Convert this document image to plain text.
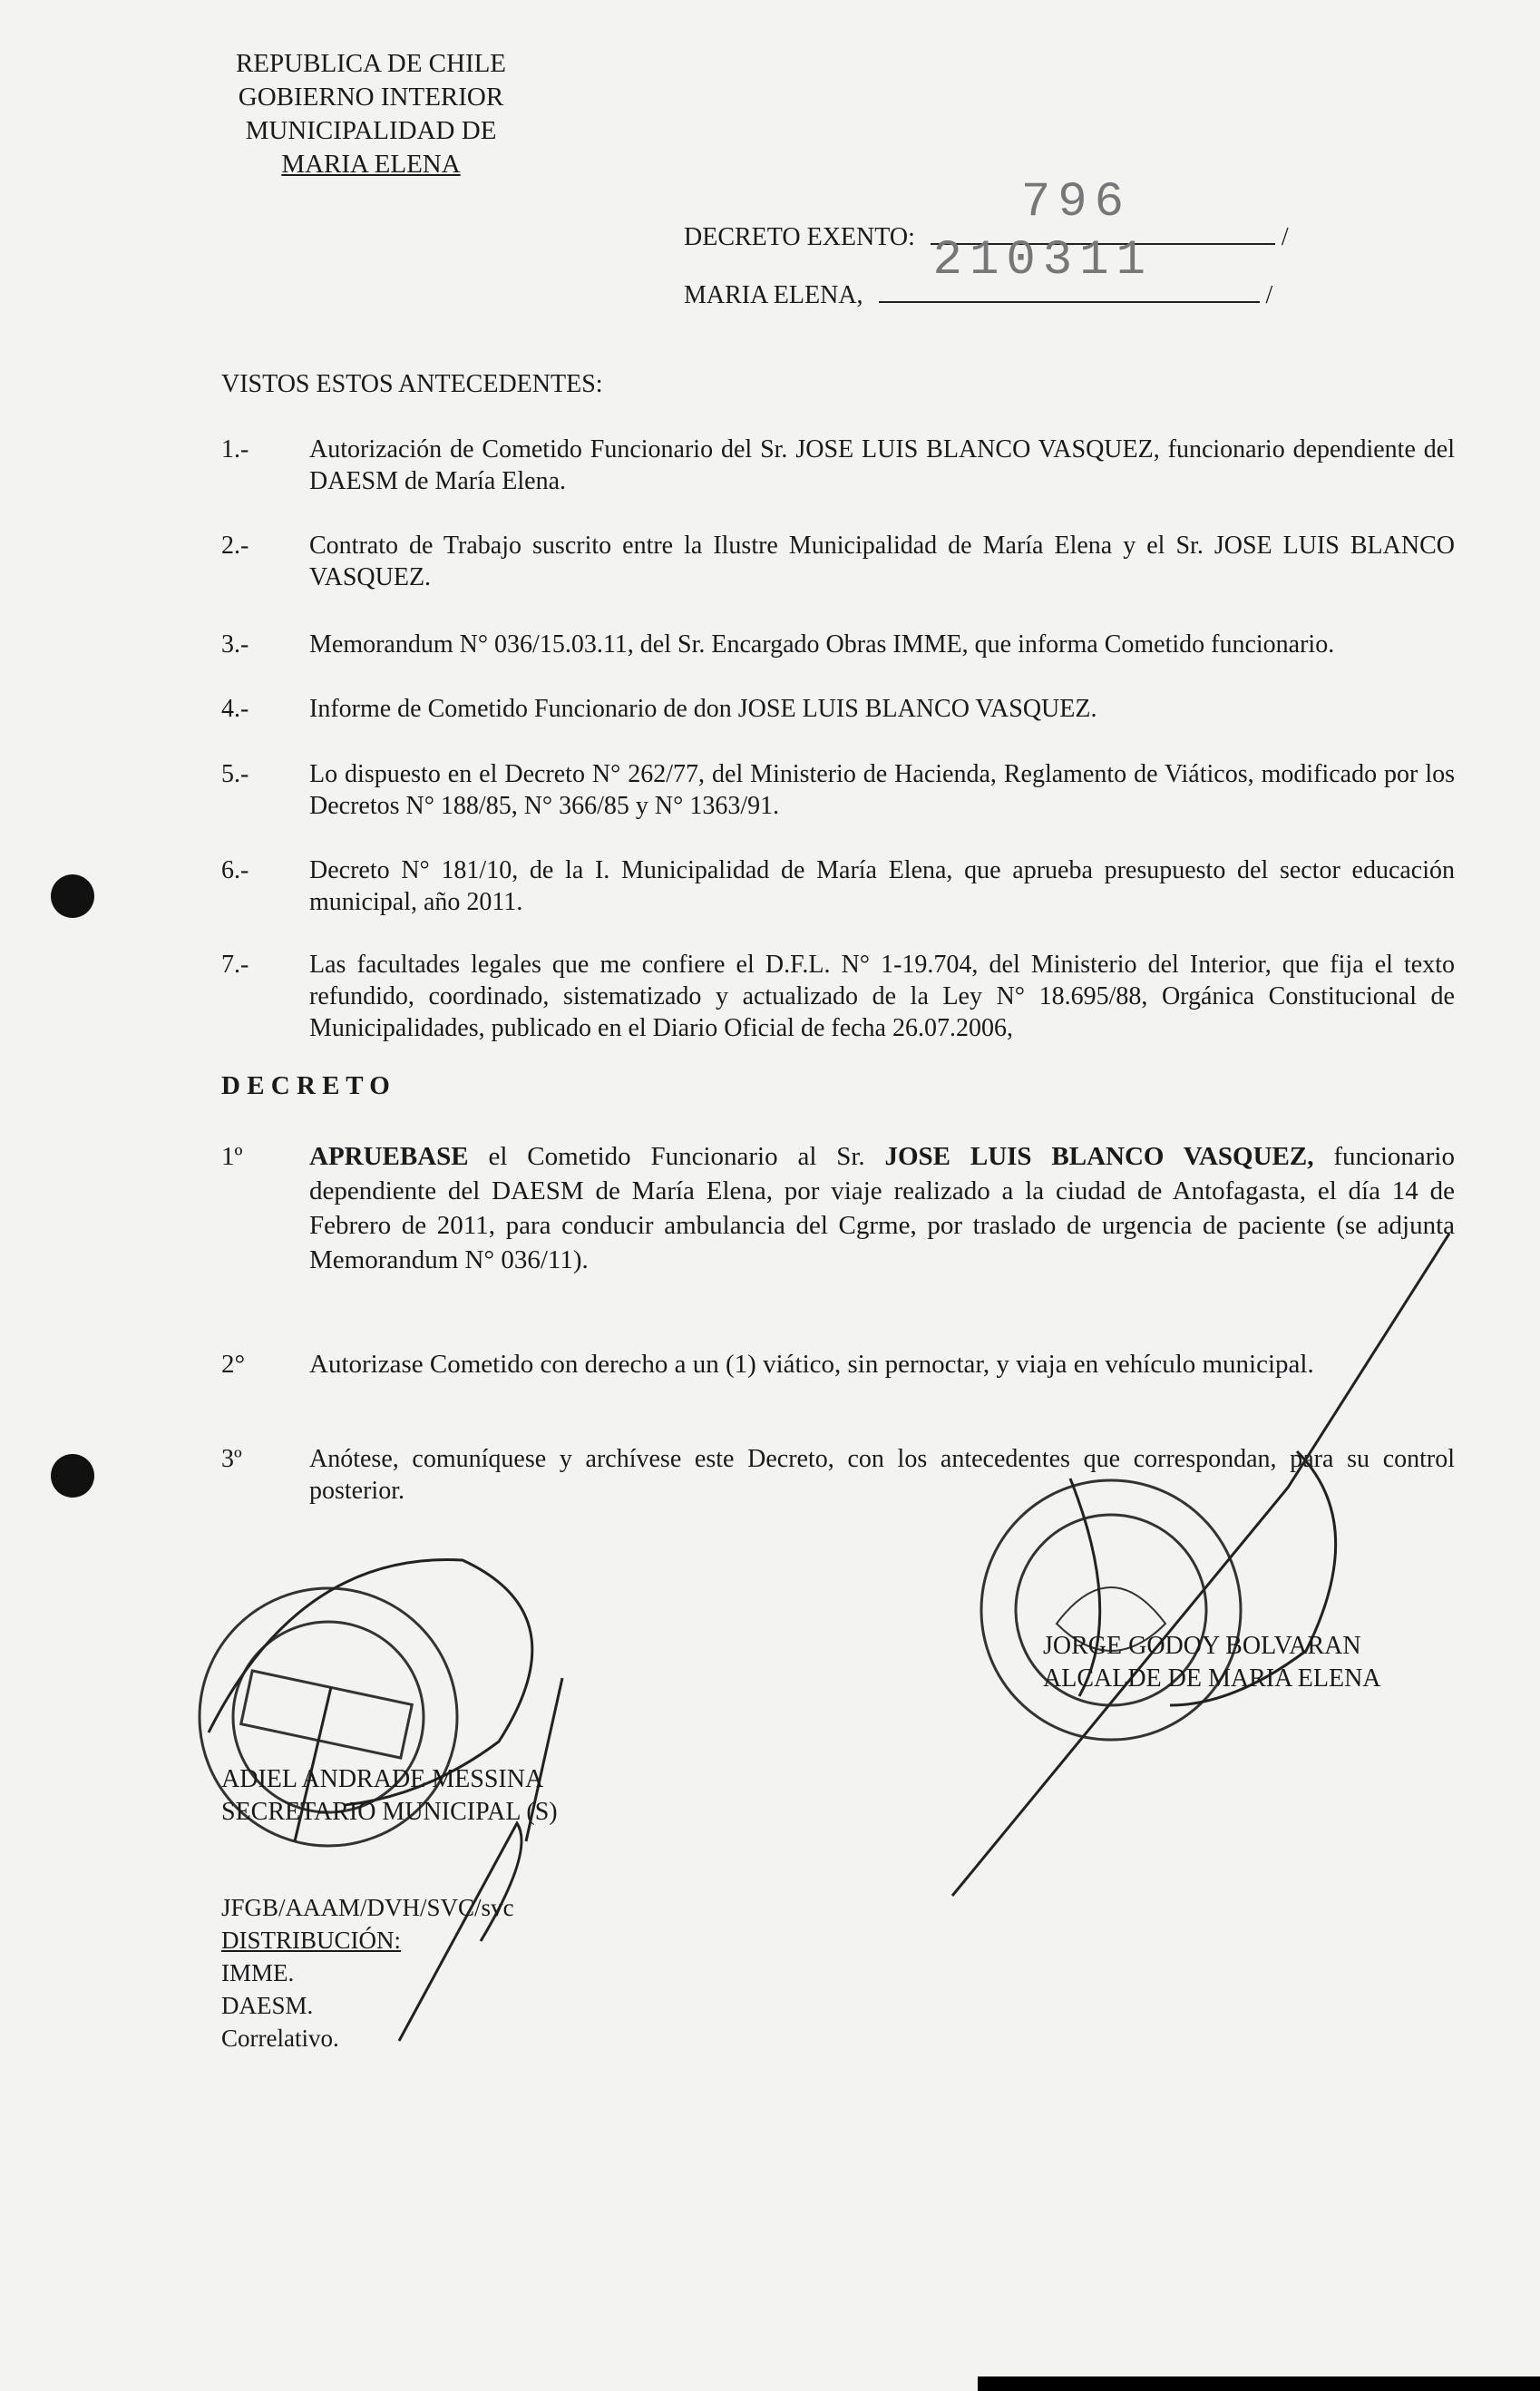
REPUBLICA DE CHILE
GOBIERNO INTERIOR
MUNICIPALIDAD DE
MARIA ELENA
DECRETO EXENTO:
796
/
MARIA ELENA,
210311
/
VISTOS ESTOS ANTECEDENTES:
1.-	Autorización de Cometido Funcionario del Sr. JOSE LUIS BLANCO VASQUEZ, funcionario dependiente del DAESM de María Elena.
2.-	Contrato de Trabajo suscrito entre la Ilustre Municipalidad de María Elena y el Sr. JOSE LUIS BLANCO VASQUEZ.
3.-	Memorandum N° 036/15.03.11, del Sr. Encargado Obras IMME, que informa Cometido funcionario.
4.-	Informe de Cometido Funcionario de don JOSE LUIS BLANCO VASQUEZ.
5.-	Lo dispuesto en el Decreto N° 262/77, del Ministerio de Hacienda, Reglamento de Viáticos, modificado por los Decretos N° 188/85, N° 366/85 y N° 1363/91.
6.-	Decreto N° 181/10, de la I. Municipalidad de María Elena, que aprueba presupuesto del sector educación municipal, año 2011.
7.-	Las facultades legales que me confiere el D.F.L. N° 1-19.704, del Ministerio del Interior, que fija el texto refundido, coordinado, sistematizado y actualizado de la Ley N° 18.695/88, Orgánica Constitucional de Municipalidades, publicado en el Diario Oficial de fecha 26.07.2006,
D E C R E T O
1º	APRUEBASE el Cometido Funcionario al Sr. JOSE LUIS BLANCO VASQUEZ, funcionario dependiente del DAESM de María Elena, por viaje realizado a la ciudad de Antofagasta, el día 14 de Febrero de 2011, para conducir ambulancia del Cgrme, por traslado de urgencia de paciente (se adjunta Memorandum N° 036/11).
2°	Autorizase Cometido con derecho a un (1) viático, sin pernoctar, y viaja en vehículo municipal.
3º	Anótese, comuníquese y archívese este Decreto, con los antecedentes que correspondan, para su control posterior.
JORGE GODOY BOLVARAN
ALCALDE DE MARIA ELENA
ADIEL ANDRADE MESSINA
SECRETARIO MUNICIPAL (S)
JFGB/AAAM/DVH/SVC/svc
DISTRIBUCIÓN:
IMME.
DAESM.
Correlativo.
